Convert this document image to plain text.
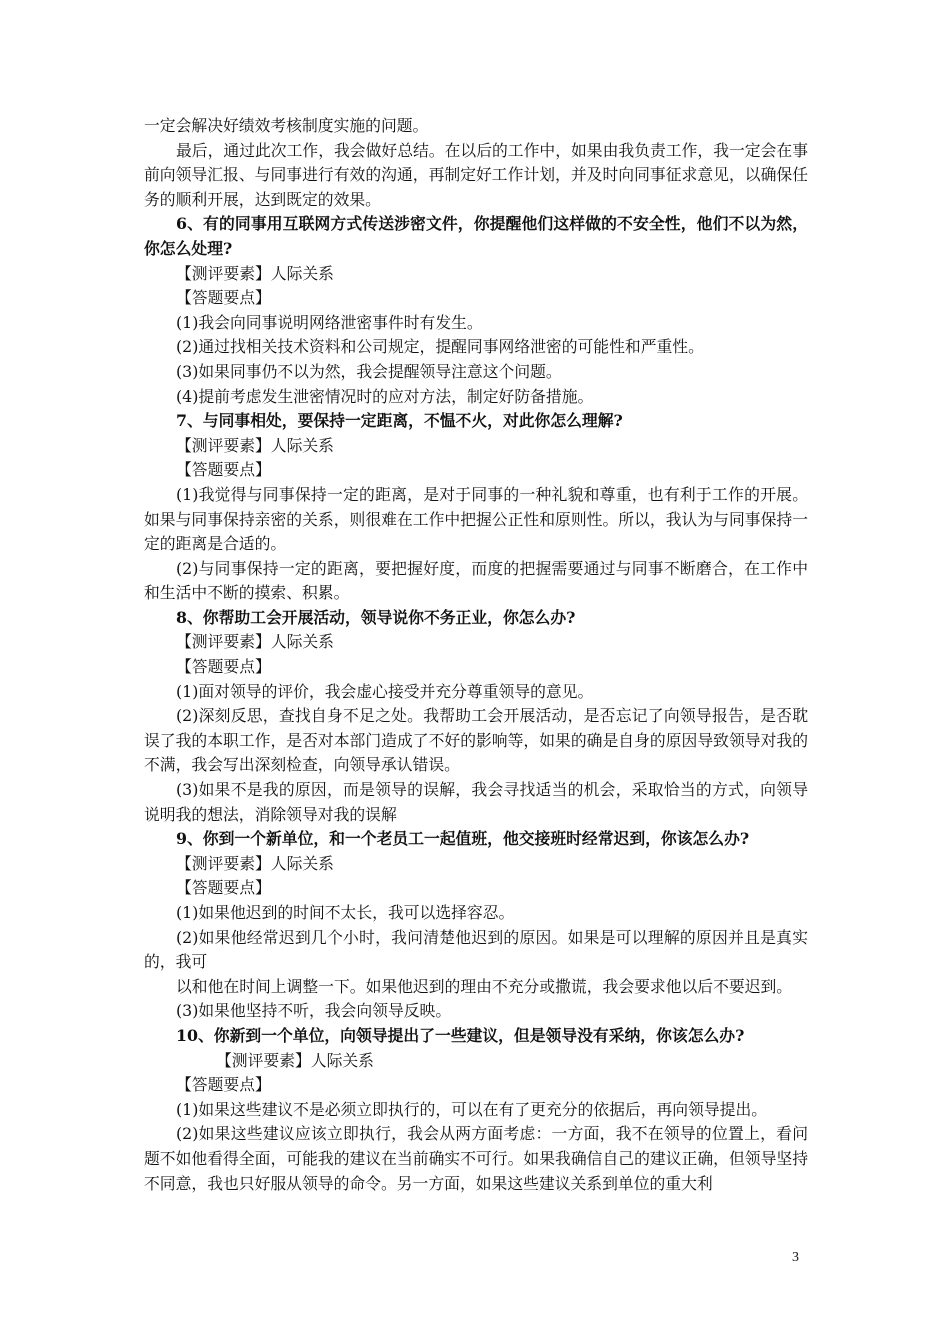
一定会解决好绩效考核制度实施的问题。

最后，通过此次工作，我会做好总结。在以后的工作中，如果由我负责工作，我一定会在事前向领导汇报、与同事进行有效的沟通，再制定好工作计划，并及时向同事征求意见，以确保任务的顺利开展，达到既定的效果。

6、有的同事用互联网方式传送涉密文件，你提醒他们这样做的不安全性，他们不以为然，你怎么处理?

【测评要素】人际关系

【答题要点】

(1)我会向同事说明网络泄密事件时有发生。

(2)通过找相关技术资料和公司规定，提醒同事网络泄密的可能性和严重性。

(3)如果同事仍不以为然，我会提醒领导注意这个问题。

(4)提前考虑发生泄密情况时的应对方法，制定好防备措施。

7、与同事相处，要保持一定距离，不愠不火，对此你怎么理解?

【测评要素】人际关系

【答题要点】

(1)我觉得与同事保持一定的距离，是对于同事的一种礼貌和尊重，也有利于工作的开展。如果与同事保持亲密的关系，则很难在工作中把握公正性和原则性。所以，我认为与同事保持一定的距离是合适的。

(2)与同事保持一定的距离，要把握好度，而度的把握需要通过与同事不断磨合，在工作中和生活中不断的摸索、积累。

8、你帮助工会开展活动，领导说你不务正业，你怎么办?

【测评要素】人际关系

【答题要点】

(1)面对领导的评价，我会虚心接受并充分尊重领导的意见。

(2)深刻反思，查找自身不足之处。我帮助工会开展活动，是否忘记了向领导报告，是否耽误了我的本职工作，是否对本部门造成了不好的影响等，如果的确是自身的原因导致领导对我的不满，我会写出深刻检查，向领导承认错误。

(3)如果不是我的原因，而是领导的误解，我会寻找适当的机会，采取恰当的方式，向领导说明我的想法，消除领导对我的误解

9、你到一个新单位，和一个老员工一起值班，他交接班时经常迟到，你该怎么办?

【测评要素】人际关系

【答题要点】

(1)如果他迟到的时间不太长，我可以选择容忍。

(2)如果他经常迟到几个小时，我问清楚他迟到的原因。如果是可以理解的原因并且是真实的，我可

以和他在时间上调整一下。如果他迟到的理由不充分或撒谎，我会要求他以后不要迟到。

(3)如果他坚持不听，我会向领导反映。

10、你新到一个单位，向领导提出了一些建议，但是领导没有采纳，你该怎么办?

【测评要素】人际关系

【答题要点】

(1)如果这些建议不是必须立即执行的，可以在有了更充分的依据后，再向领导提出。

(2)如果这些建议应该立即执行，我会从两方面考虑：一方面，我不在领导的位置上，看问题不如他看得全面，可能我的建议在当前确实不可行。如果我确信自己的建议正确，但领导坚持不同意，我也只好服从领导的命令。另一方面，如果这些建议关系到单位的重大利

3
